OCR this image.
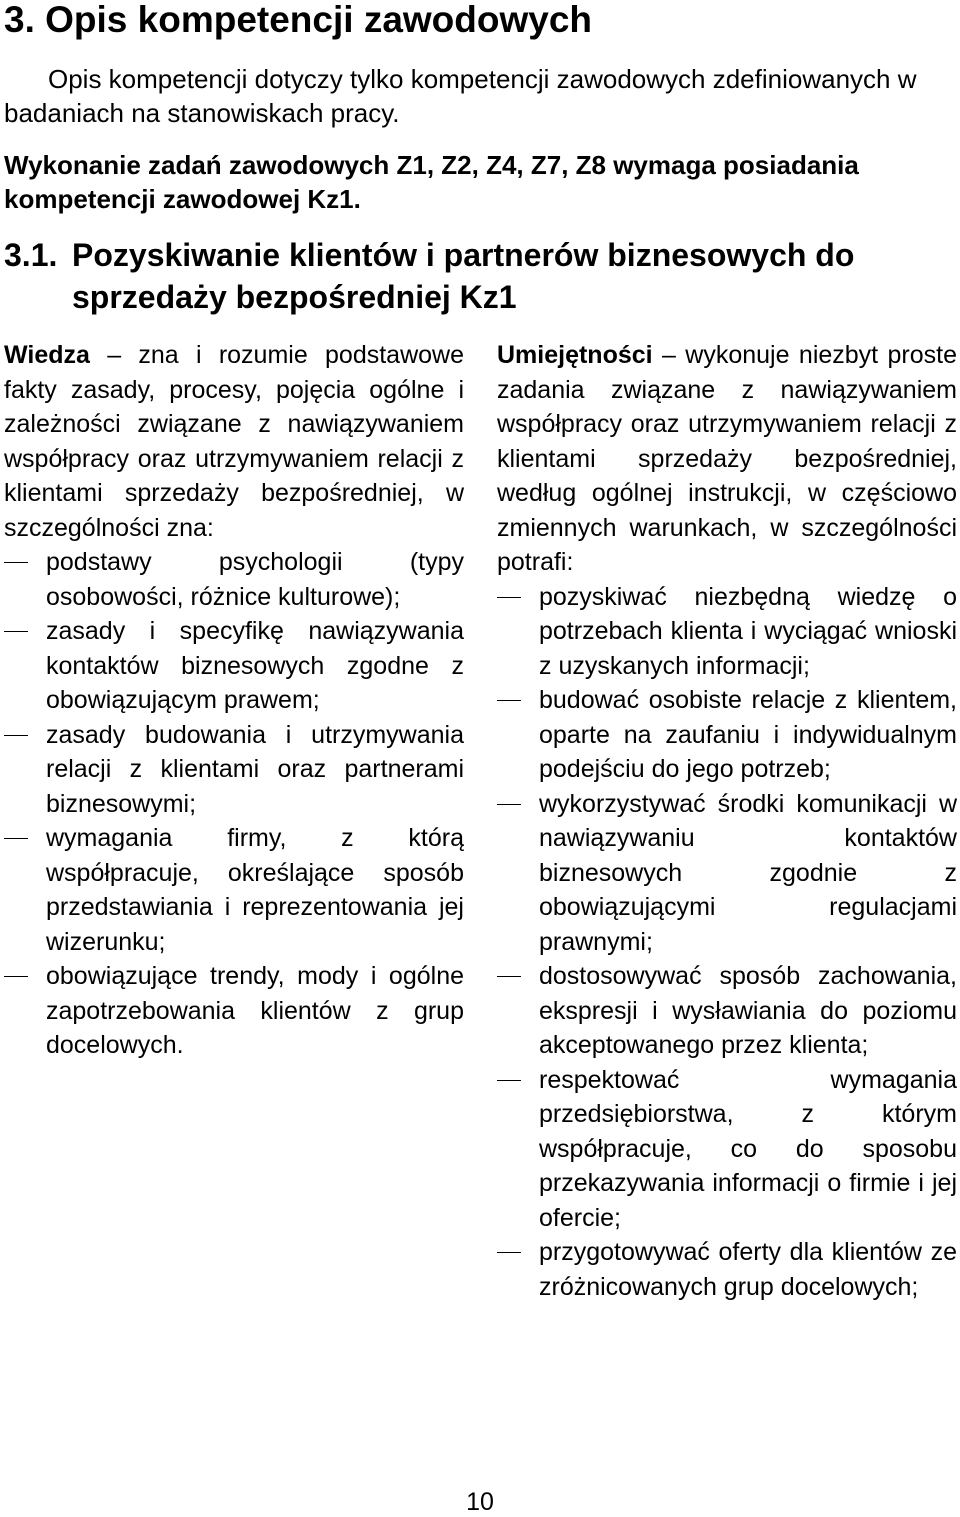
3. Opis kompetencji zawodowych
Opis kompetencji dotyczy tylko kompetencji zawodowych zdefiniowanych w badaniach na stanowiskach pracy.
Wykonanie zadań zawodowych Z1, Z2, Z4, Z7, Z8 wymaga posiadania kompetencji zawodowej Kz1.
3.1. Pozyskiwanie klientów i partnerów biznesowych do
sprzedaży bezpośredniej Kz1
Wiedza – zna i rozumie podstawowe fakty zasady, procesy, pojęcia ogólne i zależności związane z nawiązywaniem współpracy oraz utrzymywaniem relacji z klientami sprzedaży bezpośredniej, w szczególności zna:
podstawy psychologii (typy osobowości, różnice kulturowe);
zasady i specyfikę nawiązywania kontaktów biznesowych zgodne z obowiązującym prawem;
zasady budowania i utrzymywania relacji z klientami oraz partnerami biznesowymi;
wymagania firmy, z którą współpracuje, określające sposób przedstawiania i reprezentowania jej wizerunku;
obowiązujące trendy, mody i ogólne zapotrzebowania klientów z grup docelowych.
Umiejętności – wykonuje niezbyt proste zadania związane z nawiązywaniem współpracy oraz utrzymywaniem relacji z klientami sprzedaży bezpośredniej, według ogólnej instrukcji, w częściowo zmiennych warunkach, w szczególności potrafi:
pozyskiwać niezbędną wiedzę o potrzebach klienta i wyciągać wnioski z uzyskanych informacji;
budować osobiste relacje z klientem, oparte na zaufaniu i indywidualnym podejściu do jego potrzeb;
wykorzystywać środki komunikacji w nawiązywaniu kontaktów biznesowych zgodnie z obowiązującymi regulacjami prawnymi;
dostosowywać sposób zachowania, ekspresji i wysławiania do poziomu akceptowanego przez klienta;
respektować wymagania przedsiębiorstwa, z którym współpracuje, co do sposobu przekazywania informacji o firmie i jej ofercie;
przygotowywać oferty dla klientów ze zróżnicowanych grup docelowych;
10
